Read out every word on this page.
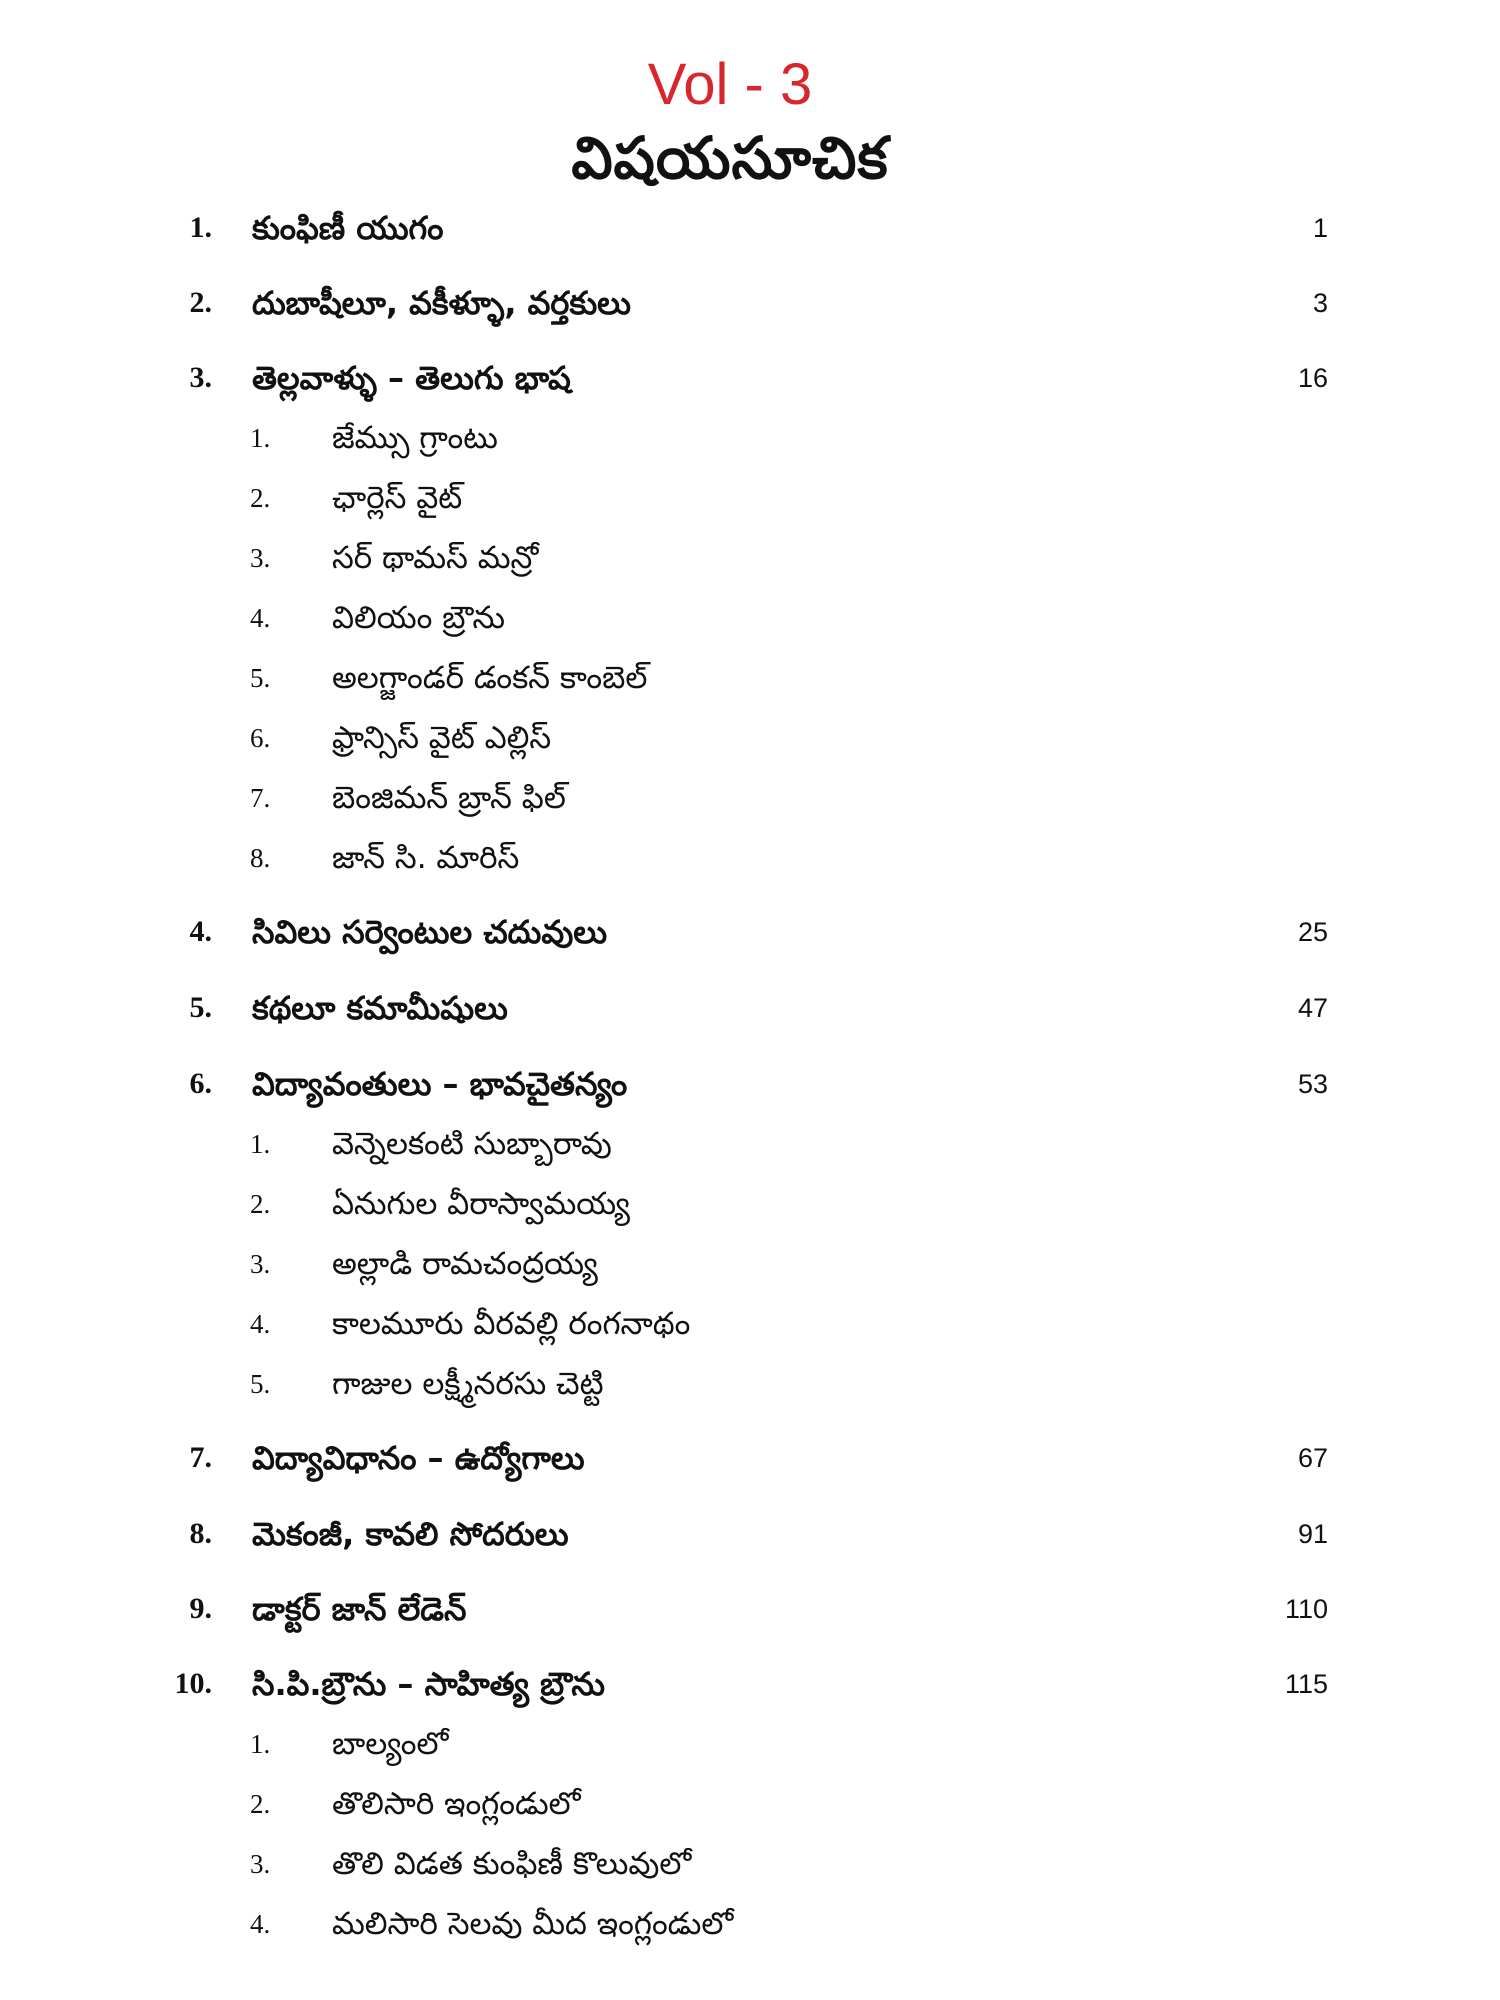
Vol - 3
విషయసూచిక
1. కుంఫిణీ యుగం	1
2. దుబాషీలూ, వకీళ్ళూ, వర్తకులు	3
3. తెల్లవాళ్ళు – తెలుగు భాష	16
1.	జేమ్సు గ్రాంటు
2.	ఛార్లెస్ వైట్
3.	సర్ థామస్ మన్రో
4.	విలియం బ్రౌను
5.	అలగ్జాండర్ డంకన్ కాంబెల్
6.	ఫ్రాన్సిస్ వైట్ ఎల్లిస్
7.	బెంజిమన్ బ్రాన్ ఫిల్
8.	జాన్ సి. మారిస్
4. సివిలు సర్వెంటుల చదువులు	25
5. కథలూ కమామీషులు	47
6. విద్యావంతులు – భావచైతన్యం	53
1.	వెన్నెలకంటి సుబ్బారావు
2.	ఏనుగుల వీరాస్వామయ్య
3.	అల్లాడి రామచంద్రయ్య
4.	కాలమూరు వీరవల్లి రంగనాథం
5.	గాజుల లక్ష్మీనరసు చెట్టి
7. విద్యావిధానం – ఉద్యోగాలు	67
8. మెకంజీ, కావలి సోదరులు	91
9. డాక్టర్ జాన్ లేడెన్	110
10. సి.పి.బ్రౌను – సాహిత్య బ్రౌను	115
1.	బాల్యంలో
2.	తొలిసారి ఇంగ్లండులో
3.	తొలి విడత కుంఫిణీ కొలువులో
4.	మలిసారి సెలవు మీద ఇంగ్లండులో
